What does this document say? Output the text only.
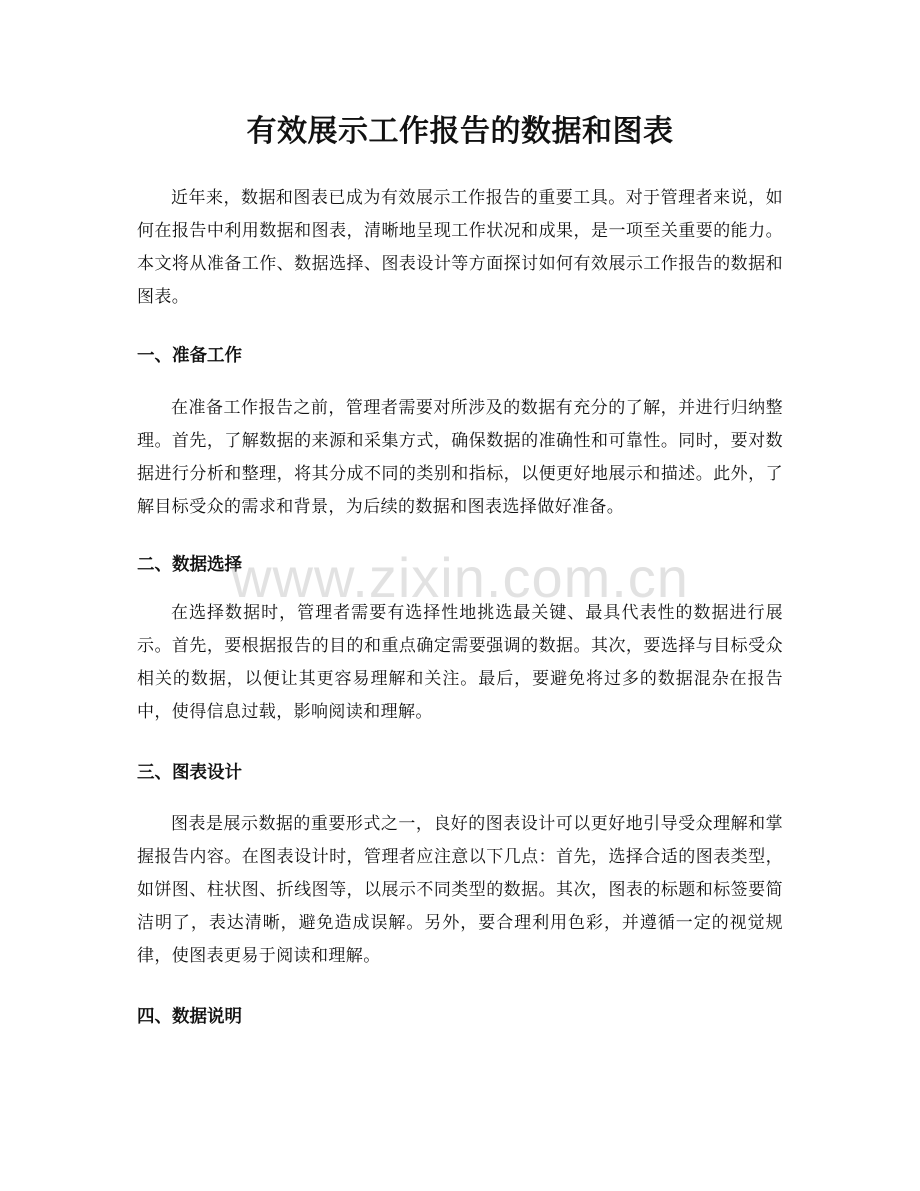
有效展示工作报告的数据和图表

近年来，数据和图表已成为有效展示工作报告的重要工具。对于管理者来说，如何在报告中利用数据和图表，清晰地呈现工作状况和成果，是一项至关重要的能力。本文将从准备工作、数据选择、图表设计等方面探讨如何有效展示工作报告的数据和图表。

一、准备工作

在准备工作报告之前，管理者需要对所涉及的数据有充分的了解，并进行归纳整理。首先，了解数据的来源和采集方式，确保数据的准确性和可靠性。同时，要对数据进行分析和整理，将其分成不同的类别和指标，以便更好地展示和描述。此外，了解目标受众的需求和背景，为后续的数据和图表选择做好准备。

二、数据选择

在选择数据时，管理者需要有选择性地挑选最关键、最具代表性的数据进行展示。首先，要根据报告的目的和重点确定需要强调的数据。其次，要选择与目标受众相关的数据，以便让其更容易理解和关注。最后，要避免将过多的数据混杂在报告中，使得信息过载，影响阅读和理解。

三、图表设计

图表是展示数据的重要形式之一，良好的图表设计可以更好地引导受众理解和掌握报告内容。在图表设计时，管理者应注意以下几点：首先，选择合适的图表类型，如饼图、柱状图、折线图等，以展示不同类型的数据。其次，图表的标题和标签要简洁明了，表达清晰，避免造成误解。另外，要合理利用色彩，并遵循一定的视觉规律，使图表更易于阅读和理解。

四、数据说明

www.zixin.com.cn
